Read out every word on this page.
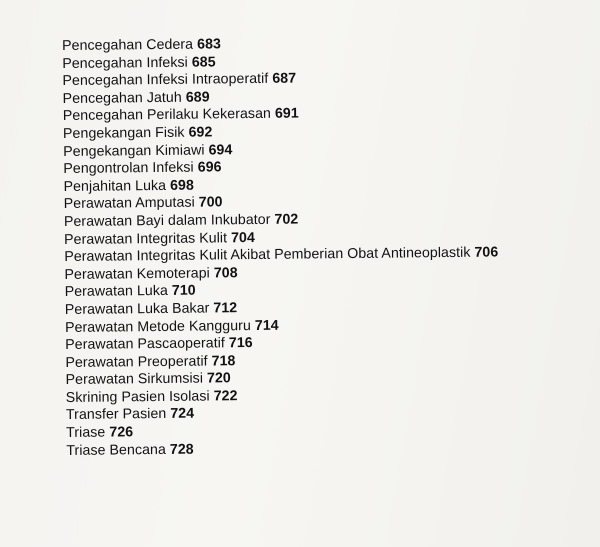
Pencegahan Cedera 683
Pencegahan Infeksi 685
Pencegahan Infeksi Intraoperatif 687
Pencegahan Jatuh 689
Pencegahan Perilaku Kekerasan 691
Pengekangan Fisik 692
Pengekangan Kimiawi 694
Pengontrolan Infeksi 696
Penjahitan Luka 698
Perawatan Amputasi 700
Perawatan Bayi dalam Inkubator 702
Perawatan Integritas Kulit 704
Perawatan Integritas Kulit Akibat Pemberian Obat Antineoplastik 706
Perawatan Kemoterapi 708
Perawatan Luka 710
Perawatan Luka Bakar 712
Perawatan Metode Kangguru 714
Perawatan Pascaoperatif 716
Perawatan Preoperatif 718
Perawatan Sirkumsisi 720
Skrining Pasien Isolasi 722
Transfer Pasien 724
Triase 726
Triase Bencana 728
